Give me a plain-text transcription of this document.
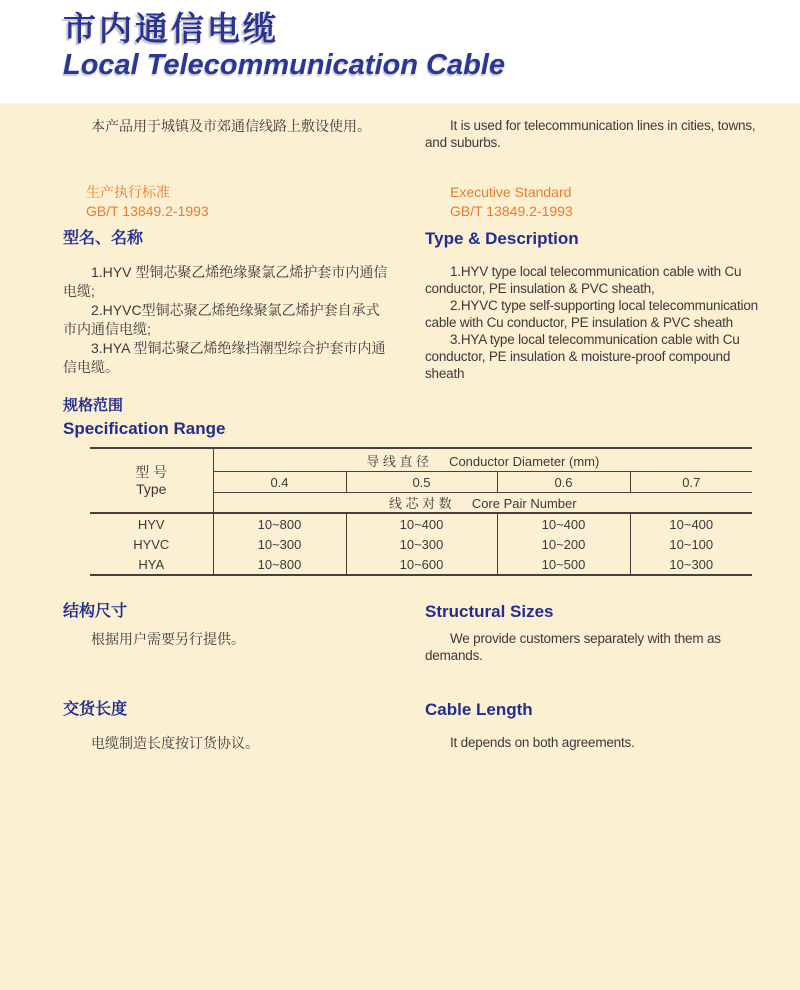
市内通信电缆
Local Telecommunication Cable

本产品用于城镇及市郊通信线路上敷设使用。	It is used for telecommunication lines in cities, towns, and suburbs.

生产执行标准
GB/T 13849.2-1993
Executive Standard
GB/T 13849.2-1993
型名、名称	Type & Description

1.HYV 型铜芯聚乙烯绝缘聚氯乙烯护套市内通信电缆;

2.HYVC型铜芯聚乙烯绝缘聚氯乙烯护套自承式市内通信电缆;

3.HYA 型铜芯聚乙烯绝缘挡潮型综合护套市内通信电缆。

1.HYV type local telecommunication cable with Cu conductor, PE insulation & PVC sheath,

2.HYVC type self-supporting local telecommunication cable with Cu conductor, PE insulation & PVC sheath

3.HYA type local telecommunication cable with Cu conductor, PE insulation & moisture-proof compound sheath

规格范围
Specification Range
型 号
Type	导 线 直 径 Conductor Diameter (mm)			
	0.4	0.5	0.6	0.7
	线 芯 对 数 Core Pair Number			
HYV	10~800	10~400	10~400	10~400
HYVC	10~300	10~300	10~200	10~100
HYA	10~800	10~600	10~500	10~300
结构尺寸	Structural Sizes

根据用户需要另行提供。	We provide customers separately with them as demands.

交货长度	Cable Length

电缆制造长度按订货协议。	It depends on both agreements.
